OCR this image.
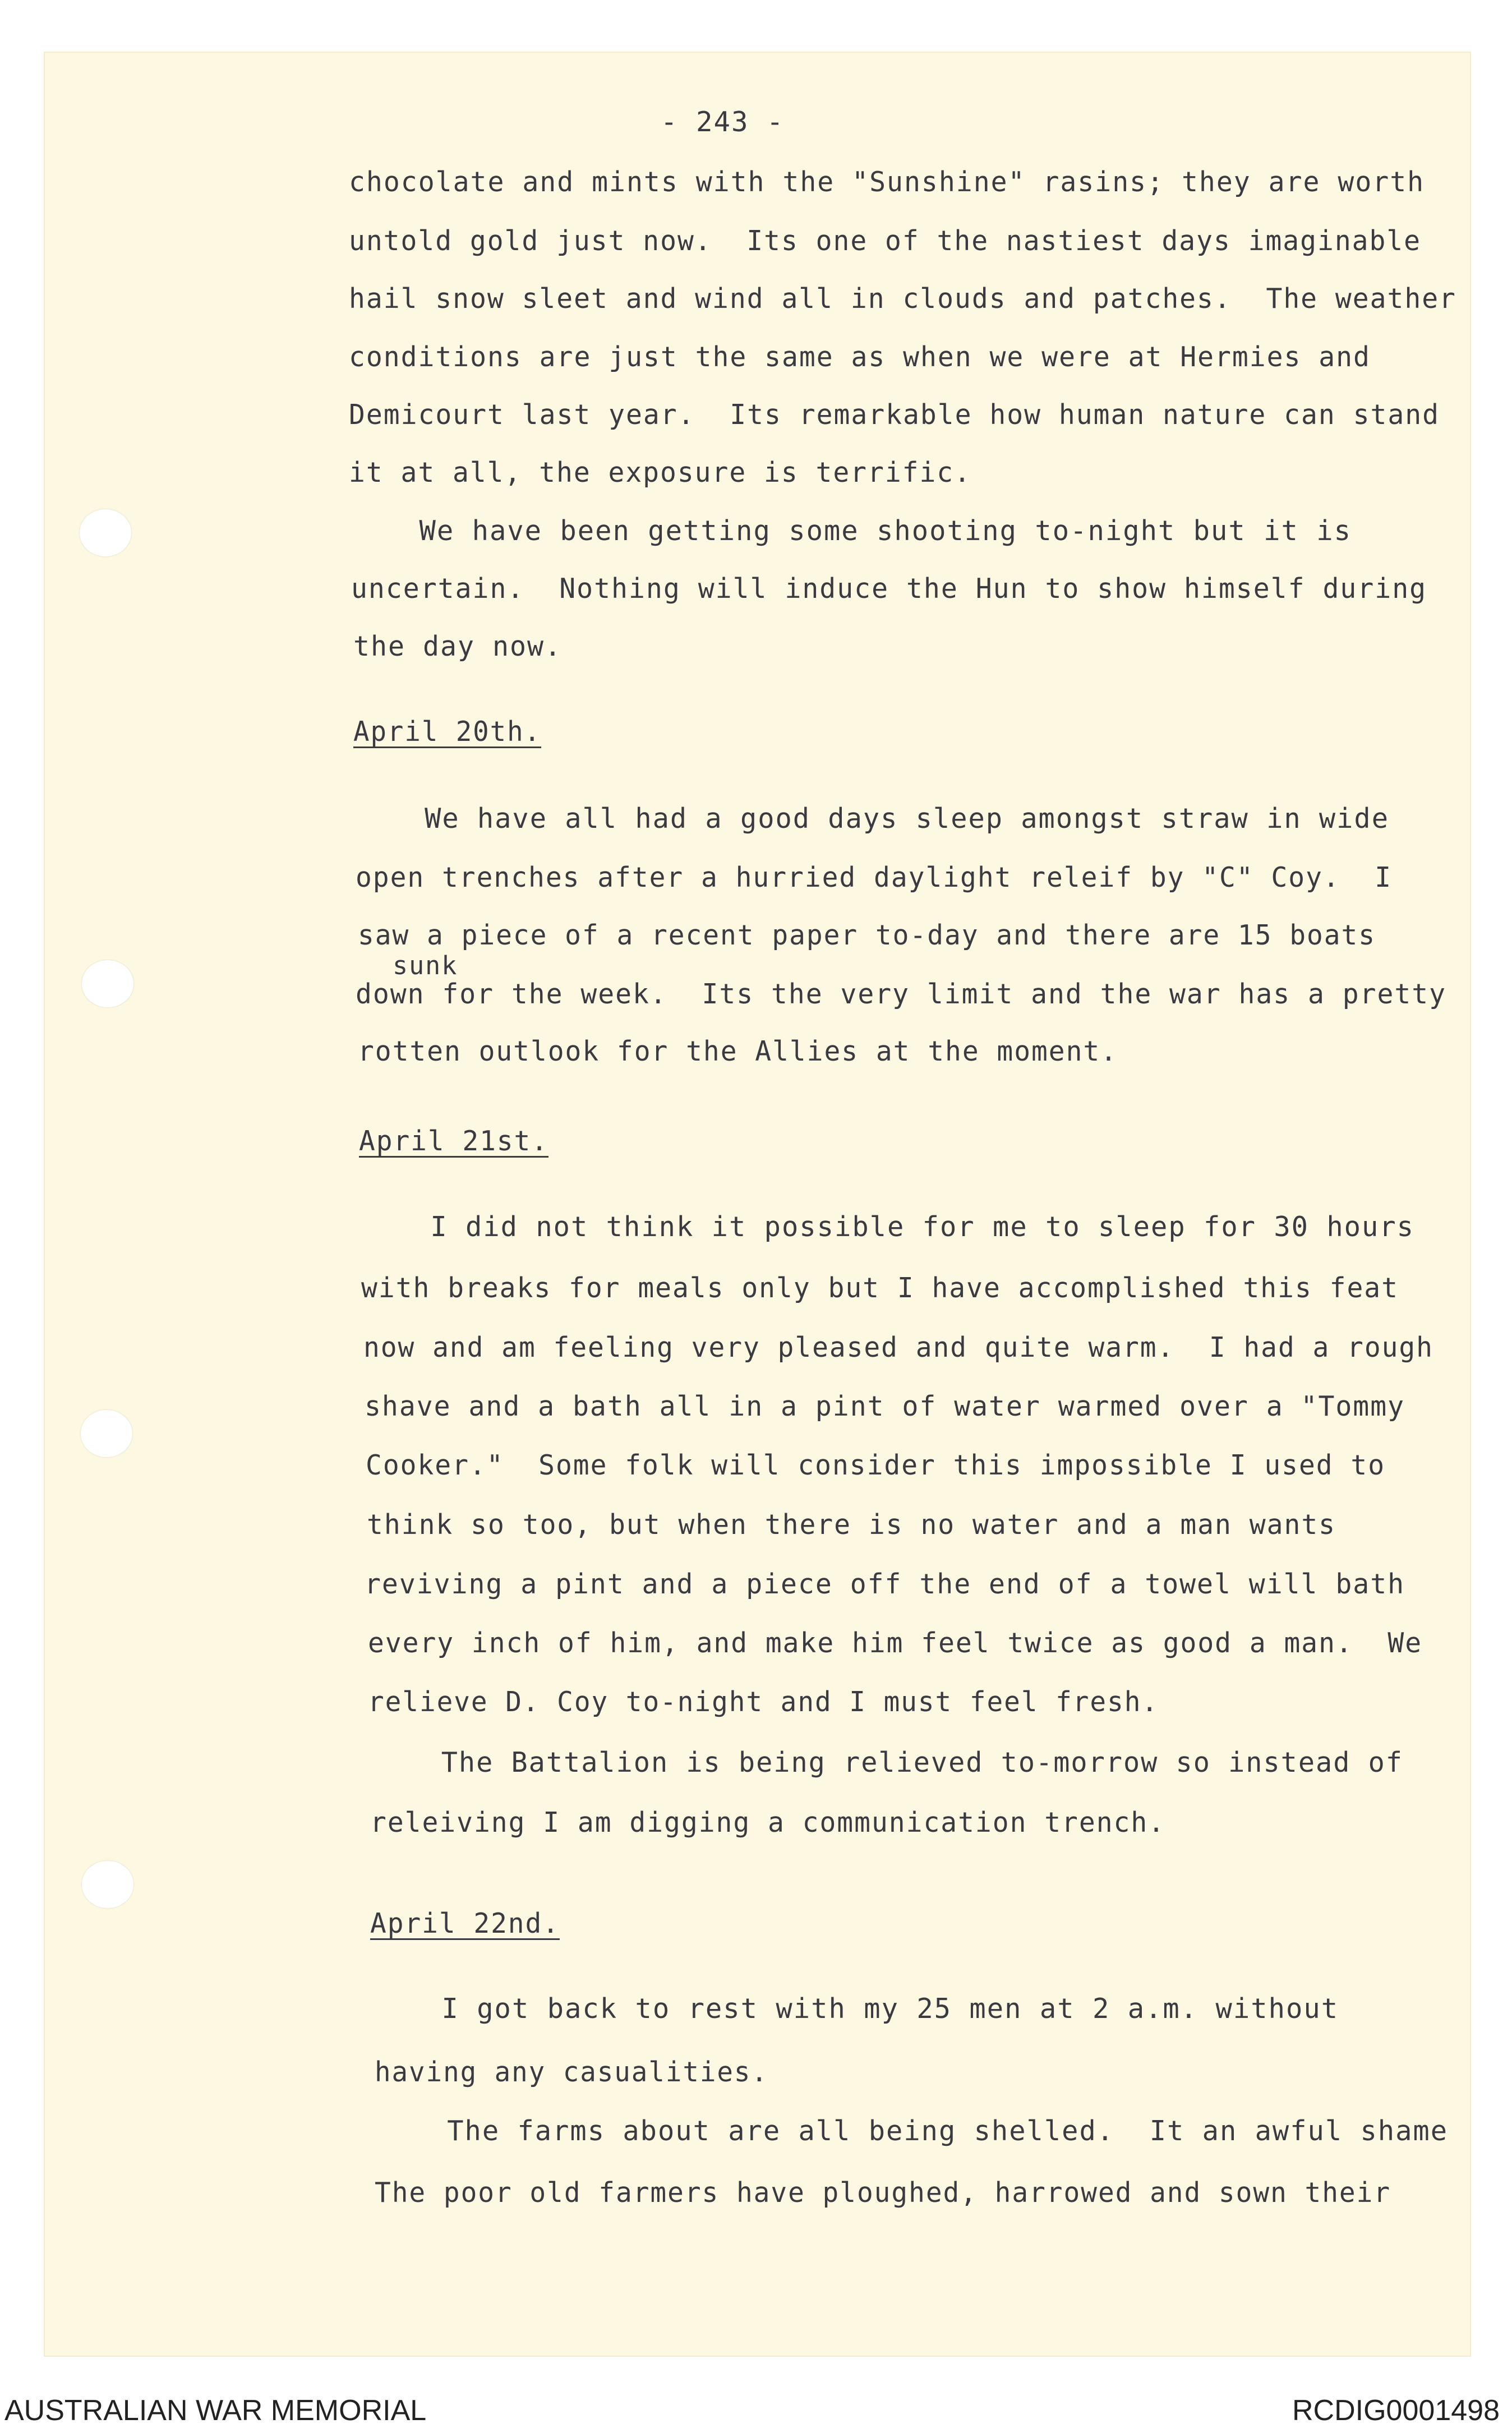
- 243 -
chocolate and mints with the "Sunshine" rasins; they are worth
untold gold just now.  Its one of the nastiest days imaginable
hail snow sleet and wind all in clouds and patches.  The weather
conditions are just the same as when we were at Hermies and
Demicourt last year.  Its remarkable how human nature can stand
it at all, the exposure is terrific.
We have been getting some shooting to-night but it is
uncertain.  Nothing will induce the Hun to show himself during
the day now.
April 20th.
We have all had a good days sleep amongst straw in wide
open trenches after a hurried daylight releif by "C" Coy.  I
saw a piece of a recent paper to-day and there are 15 boats
down for the week.  Its the very limit and the war has a pretty
rotten outlook for the Allies at the moment.
April 21st.
I did not think it possible for me to sleep for 30 hours
with breaks for meals only but I have accomplished this feat
now and am feeling very pleased and quite warm.  I had a rough
shave and a bath all in a pint of water warmed over a "Tommy
Cooker."  Some folk will consider this impossible I used to
think so too, but when there is no water and a man wants
reviving a pint and a piece off the end of a towel will bath
every inch of him, and make him feel twice as good a man.  We
relieve D. Coy to-night and I must feel fresh.
The Battalion is being relieved to-morrow so instead of
releiving I am digging a communication trench.
April 22nd.
I got back to rest with my 25 men at 2 a.m. without
having any casualities.
The farms about are all being shelled.  It an awful shame
The poor old farmers have ploughed, harrowed and sown their
sunk
AUSTRALIAN WAR MEMORIAL	RCDIG0001498
